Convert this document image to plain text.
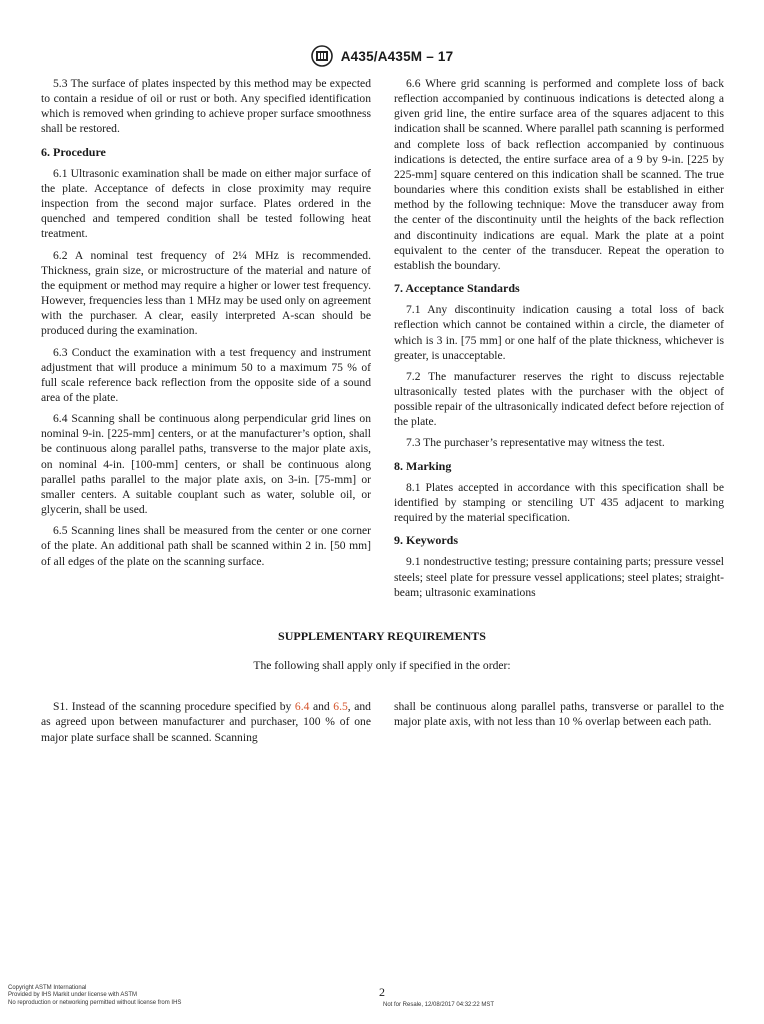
A435/A435M – 17

5.3 The surface of plates inspected by this method may be expected to contain a residue of oil or rust or both. Any specified identification which is removed when grinding to achieve proper surface smoothness shall be restored.

6. Procedure

6.1 Ultrasonic examination shall be made on either major surface of the plate. Acceptance of defects in close proximity may require inspection from the second major surface. Plates ordered in the quenched and tempered condition shall be tested following heat treatment.

6.2 A nominal test frequency of 2¼ MHz is recommended. Thickness, grain size, or microstructure of the material and nature of the equipment or method may require a higher or lower test frequency. However, frequencies less than 1 MHz may be used only on agreement with the purchaser. A clear, easily interpreted A-scan should be produced during the examination.

6.3 Conduct the examination with a test frequency and instrument adjustment that will produce a minimum 50 to a maximum 75 % of full scale reference back reflection from the opposite side of a sound area of the plate.

6.4 Scanning shall be continuous along perpendicular grid lines on nominal 9-in. [225-mm] centers, or at the manufacturer’s option, shall be continuous along parallel paths, transverse to the major plate axis, on nominal 4-in. [100-mm] centers, or shall be continuous along parallel paths parallel to the major plate axis, on 3-in. [75-mm] or smaller centers. A suitable couplant such as water, soluble oil, or glycerin, shall be used.

6.5 Scanning lines shall be measured from the center or one corner of the plate. An additional path shall be scanned within 2 in. [50 mm] of all edges of the plate on the scanning surface.

6.6 Where grid scanning is performed and complete loss of back reflection accompanied by continuous indications is detected along a given grid line, the entire surface area of the squares adjacent to this indication shall be scanned. Where parallel path scanning is performed and complete loss of back reflection accompanied by continuous indications is detected, the entire surface area of a 9 by 9-in. [225 by 225-mm] square centered on this indication shall be scanned. The true boundaries where this condition exists shall be established in either method by the following technique: Move the transducer away from the center of the discontinuity until the heights of the back reflection and discontinuity indications are equal. Mark the plate at a point equivalent to the center of the transducer. Repeat the operation to establish the boundary.

7. Acceptance Standards

7.1 Any discontinuity indication causing a total loss of back reflection which cannot be contained within a circle, the diameter of which is 3 in. [75 mm] or one half of the plate thickness, whichever is greater, is unacceptable.

7.2 The manufacturer reserves the right to discuss rejectable ultrasonically tested plates with the purchaser with the object of possible repair of the ultrasonically indicated defect before rejection of the plate.

7.3 The purchaser’s representative may witness the test.

8. Marking

8.1 Plates accepted in accordance with this specification shall be identified by stamping or stenciling UT 435 adjacent to marking required by the material specification.

9. Keywords

9.1 nondestructive testing; pressure containing parts; pressure vessel steels; steel plate for pressure vessel applications; steel plates; straight-beam; ultrasonic examinations

SUPPLEMENTARY REQUIREMENTS
The following shall apply only if specified in the order:

S1. Instead of the scanning procedure specified by 6.4 and 6.5, and as agreed upon between manufacturer and purchaser, 100 % of one major plate surface shall be scanned. Scanning

shall be continuous along parallel paths, transverse or parallel to the major plate axis, with not less than 10 % overlap between each path.

Copyright ASTM International
Provided by IHS Markit under license with ASTM
No reproduction or networking permitted without license from IHS
2
Not for Resale, 12/08/2017 04:32:22 MST
